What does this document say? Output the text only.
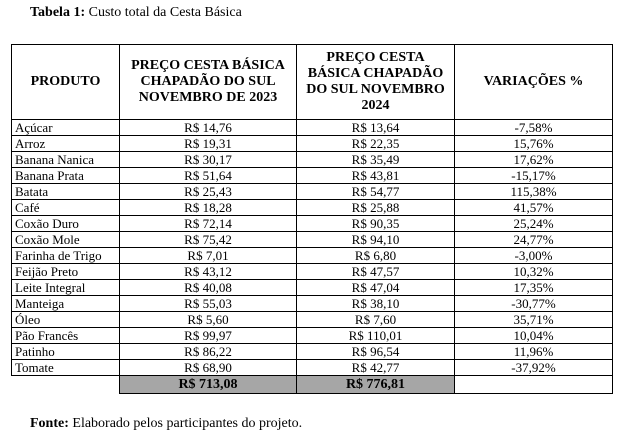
Tabela 1: Custo total da Cesta Básica
PRODUTO	PREÇO CESTA BÁSICA CHAPADÃO DO SUL NOVEMBRO DE 2023	PREÇO CESTA BÁSICA CHAPADÃO DO SUL NOVEMBRO 2024	VARIAÇÕES %
Açúcar	R$ 14,76	R$ 13,64	-7,58%
Arroz	R$ 19,31	R$ 22,35	15,76%
Banana Nanica	R$ 30,17	R$ 35,49	17,62%
Banana Prata	R$ 51,64	R$ 43,81	-15,17%
Batata	R$ 25,43	R$ 54,77	115,38%
Café	R$ 18,28	R$ 25,88	41,57%
Coxão Duro	R$ 72,14	R$ 90,35	25,24%
Coxão Mole	R$ 75,42	R$ 94,10	24,77%
Farinha de Trigo	R$ 7,01	R$ 6,80	-3,00%
Feijão Preto	R$ 43,12	R$ 47,57	10,32%
Leite Integral	R$ 40,08	R$ 47,04	17,35%
Manteiga	R$ 55,03	R$ 38,10	-30,77%
Óleo	R$ 5,60	R$ 7,60	35,71%
Pão Francês	R$ 99,97	R$ 110,01	10,04%
Patinho	R$ 86,22	R$ 96,54	11,96%
Tomate	R$ 68,90	R$ 42,77	-37,92%
	R$ 713,08	R$ 776,81	
Fonte: Elaborado pelos participantes do projeto.
